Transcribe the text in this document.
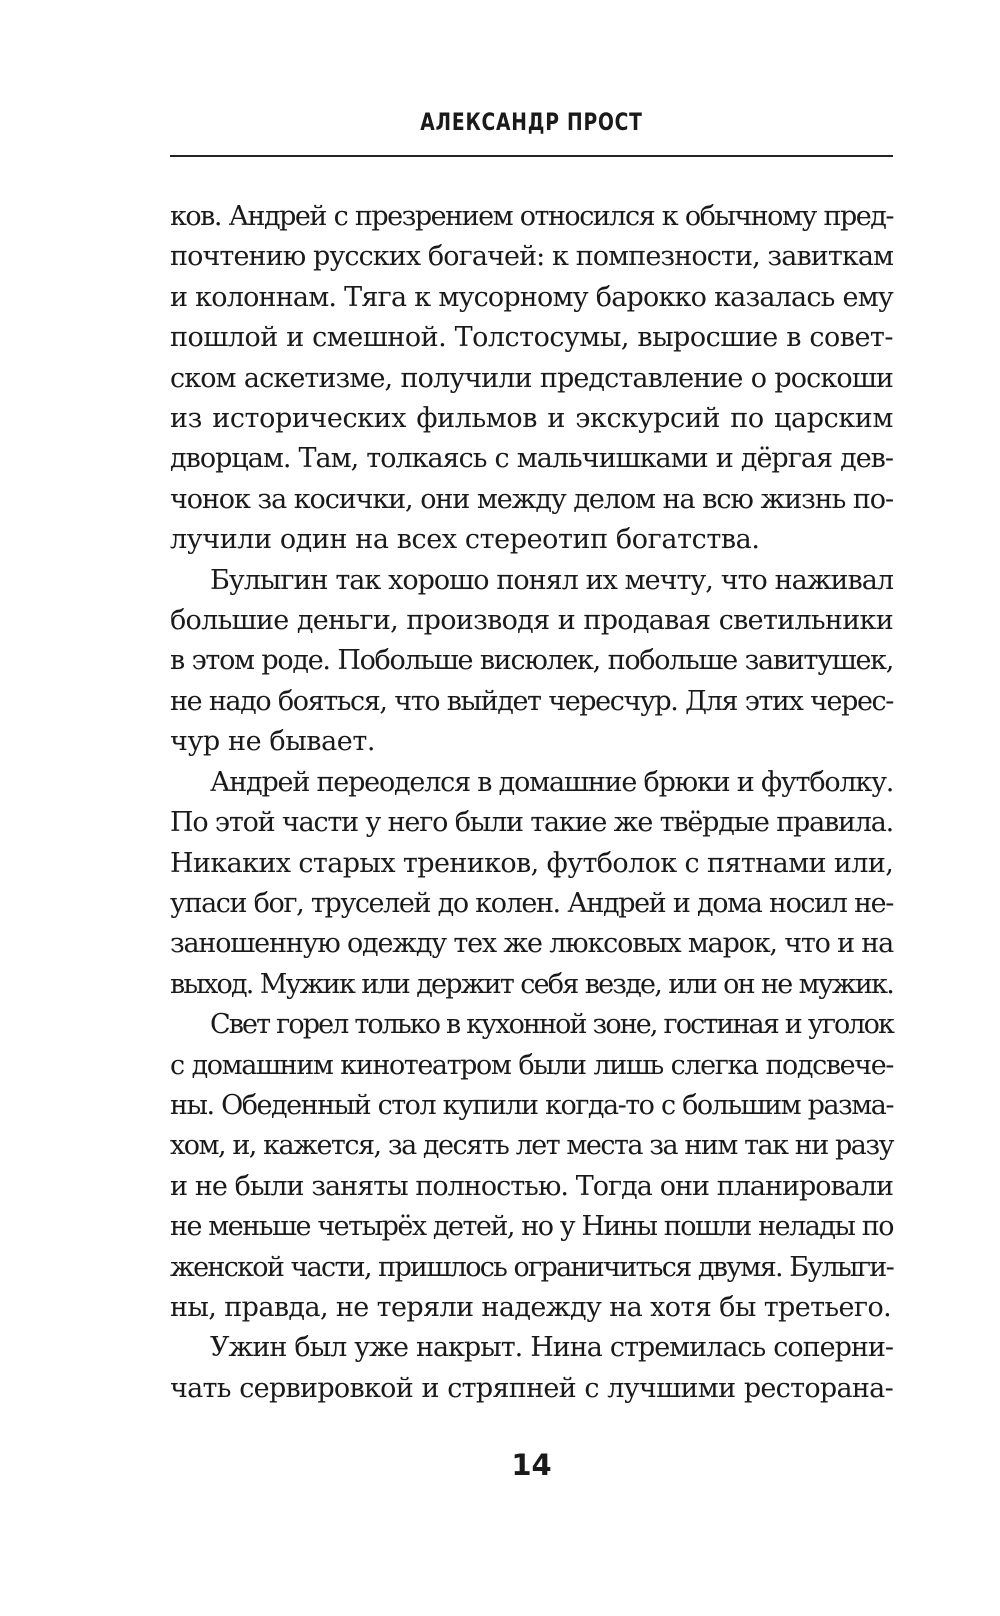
АЛЕКСАНДР ПРОСТ
ков. Андрей с презрением относился к обычному пред-
почтению русских богачей: к помпезности, завиткам
и колоннам. Тяга к мусорному барокко казалась ему
пошлой и смешной. Толстосумы, выросшие в совет-
ском аскетизме, получили представление о роскоши
из исторических фильмов и экскурсий по царским
дворцам. Там, толкаясь с мальчишками и дёргая дев-
чонок за косички, они между делом на всю жизнь по-
лучили один на всех стереотип богатства.
Булыгин так хорошо понял их мечту, что наживал
большие деньги, производя и продавая светильники
в этом роде. Побольше висюлек, побольше завитушек,
не надо бояться, что выйдет чересчур. Для этих черес-
чур не бывает.
Андрей переоделся в домашние брюки и футболку.
По этой части у него были такие же твёрдые правила.
Никаких старых треников, футболок с пятнами или,
упаси бог, труселей до колен. Андрей и дома носил не-
заношенную одежду тех же люксовых марок, что и на
выход. Мужик или держит себя везде, или он не мужик.
Свет горел только в кухонной зоне, гостиная и уголок
с домашним кинотеатром были лишь слегка подсвече-
ны. Обеденный стол купили когда-то с большим разма-
хом, и, кажется, за десять лет места за ним так ни разу
и не были заняты полностью. Тогда они планировали
не меньше четырёх детей, но у Нины пошли нелады по
женской части, пришлось ограничиться двумя. Булыги-
ны, правда, не теряли надежду на хотя бы третьего.
Ужин был уже накрыт. Нина стремилась соперни-
чать сервировкой и стряпней с лучшими ресторана-
14
